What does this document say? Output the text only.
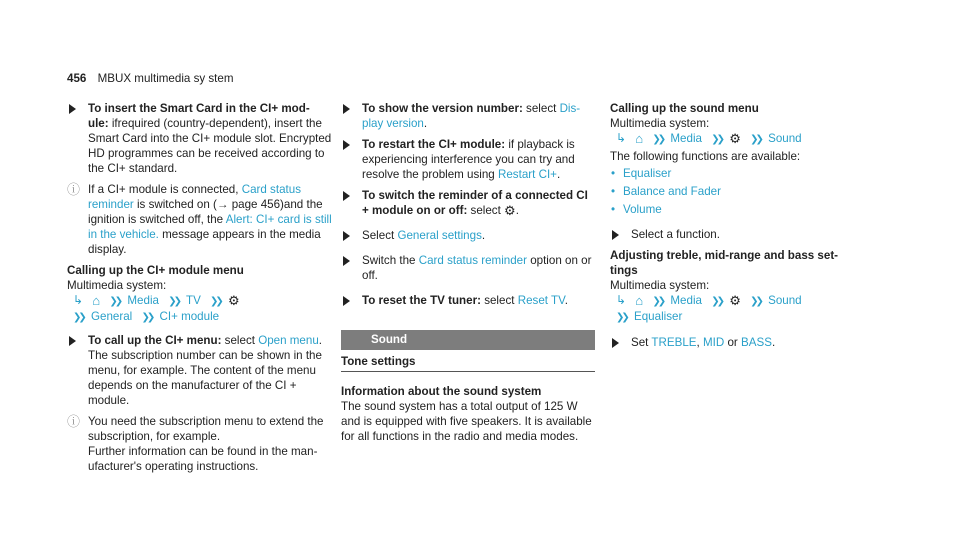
456 MBUX multimedia sy stem
To insert the Smart Card in the CI+ mod‐ ule: ifrequired (country-dependent), insert the Smart Card into the CI+ module slot. Encrypted HD programmes can be received according to the CI+ standard.
ⓘ If a CI+ module is connected, Card status reminder is switched on (→ page 456)and the ignition is switched off, the Alert: CI+ card is still in the vehicle. message appears in the media display.
Calling up the CI+ module menu
Multimedia system:
↳ ⌂ ❯❯ Media ❯❯ TV ❯❯ ⚙
❯❯ General ❯❯ CI+ module
To call up the CI+ menu: select Open menu. The subscription number can be shown in the menu, for example. The content of the menu depends on the manufacturer of the CI + module.
ⓘ You need the subscription menu to extend the subscription, for example.
Further information can be found in the man‐ ufacturer's operating instructions.
To show the version number: select Dis‐ play version.
To restart the CI+ module: if playback is experiencing interference you can try and resolve the problem using Restart CI+.
To switch the reminder of a connected CI + module on or off: select ⚙.
Select General settings.
Switch the Card status reminder option on or off.
To reset the TV tuner: select Reset TV.
Sound
Tone settings
Information about the sound system
The sound system has a total output of 125 W and is equipped with five speakers. It is available for all functions in the radio and media modes.
Calling up the sound menu
Multimedia system:
↳ ⌂ ❯❯ Media ❯❯ ⚙ ❯❯ Sound
The following functions are available:
• Equaliser
• Balance and Fader
• Volume
Select a function.
Adjusting treble, mid-range and bass set‐ tings
Multimedia system:
↳ ⌂ ❯❯ Media ❯❯ ⚙ ❯❯ Sound
❯❯ Equaliser
Set TREBLE, MID or BASS.
